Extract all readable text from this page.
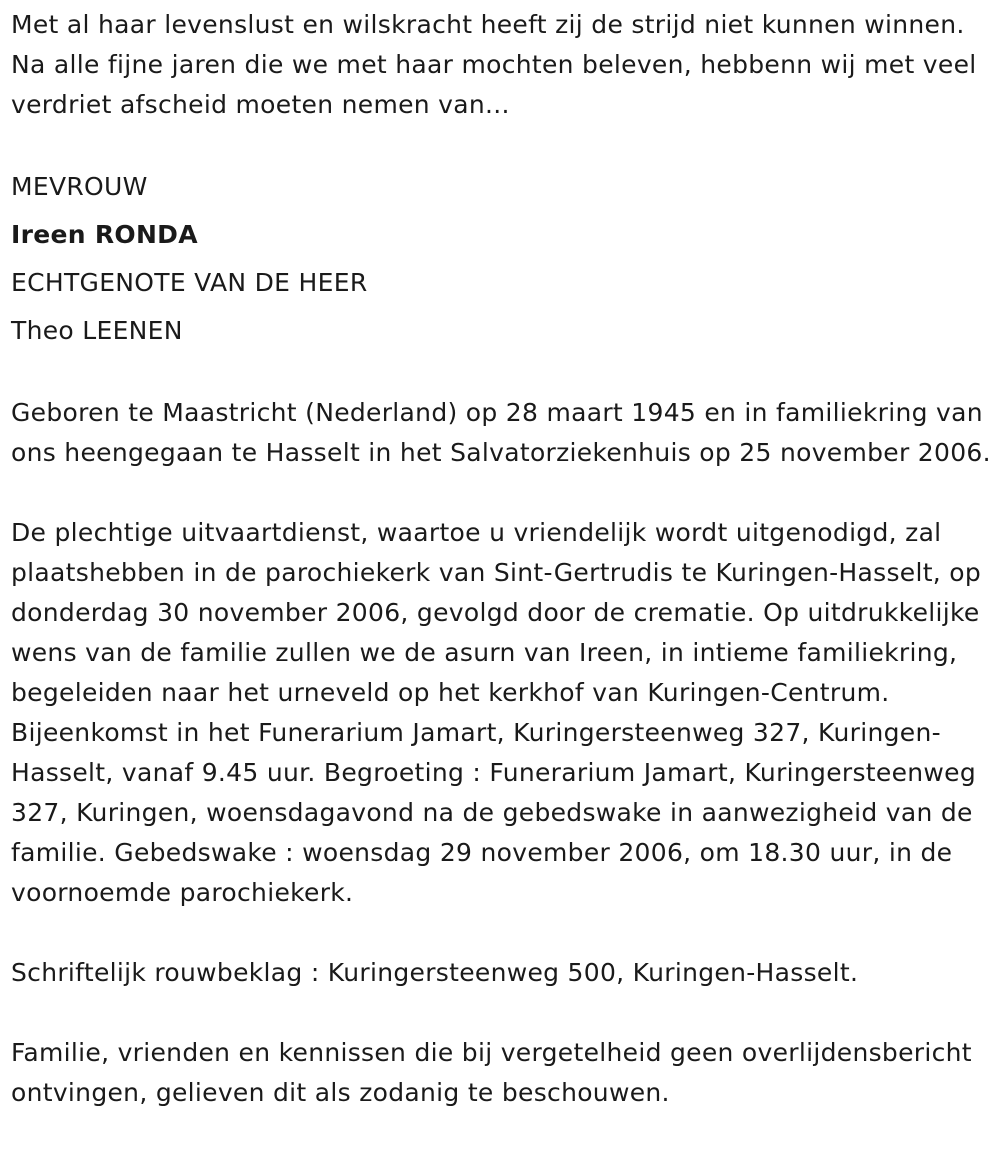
Met al haar levenslust en wilskracht heeft zij de strijd niet kunnen winnen. Na alle fijne jaren die we met haar mochten beleven, hebbenn wij met veel verdriet afscheid moeten nemen van...

MEVROUW

Ireen RONDA

ECHTGENOTE VAN DE HEER

Theo LEENEN

Geboren te Maastricht (Nederland) op 28 maart 1945 en in familiekring van ons heengegaan te Hasselt in het Salvatorziekenhuis op 25 november 2006.

De plechtige uitvaartdienst, waartoe u vriendelijk wordt uitgenodigd, zal plaatshebben in de parochiekerk van Sint-Gertrudis te Kuringen-Hasselt, op donderdag 30 november 2006, gevolgd door de crematie. Op uitdrukkelijke wens van de familie zullen we de asurn van Ireen, in intieme familiekring, begeleiden naar het urneveld op het kerkhof van Kuringen-Centrum. Bijeenkomst in het Funerarium Jamart, Kuringersteenweg 327, Kuringen-Hasselt, vanaf 9.45 uur. Begroeting : Funerarium Jamart, Kuringersteenweg 327, Kuringen, woensdagavond na de gebedswake in aanwezigheid van de familie. Gebedswake : woensdag 29 november 2006, om 18.30 uur, in de voornoemde parochiekerk.

Schriftelijk rouwbeklag : Kuringersteenweg 500, Kuringen-Hasselt.

Familie, vrienden en kennissen die bij vergetelheid geen overlijdensbericht ontvingen, gelieven dit als zodanig te beschouwen.
